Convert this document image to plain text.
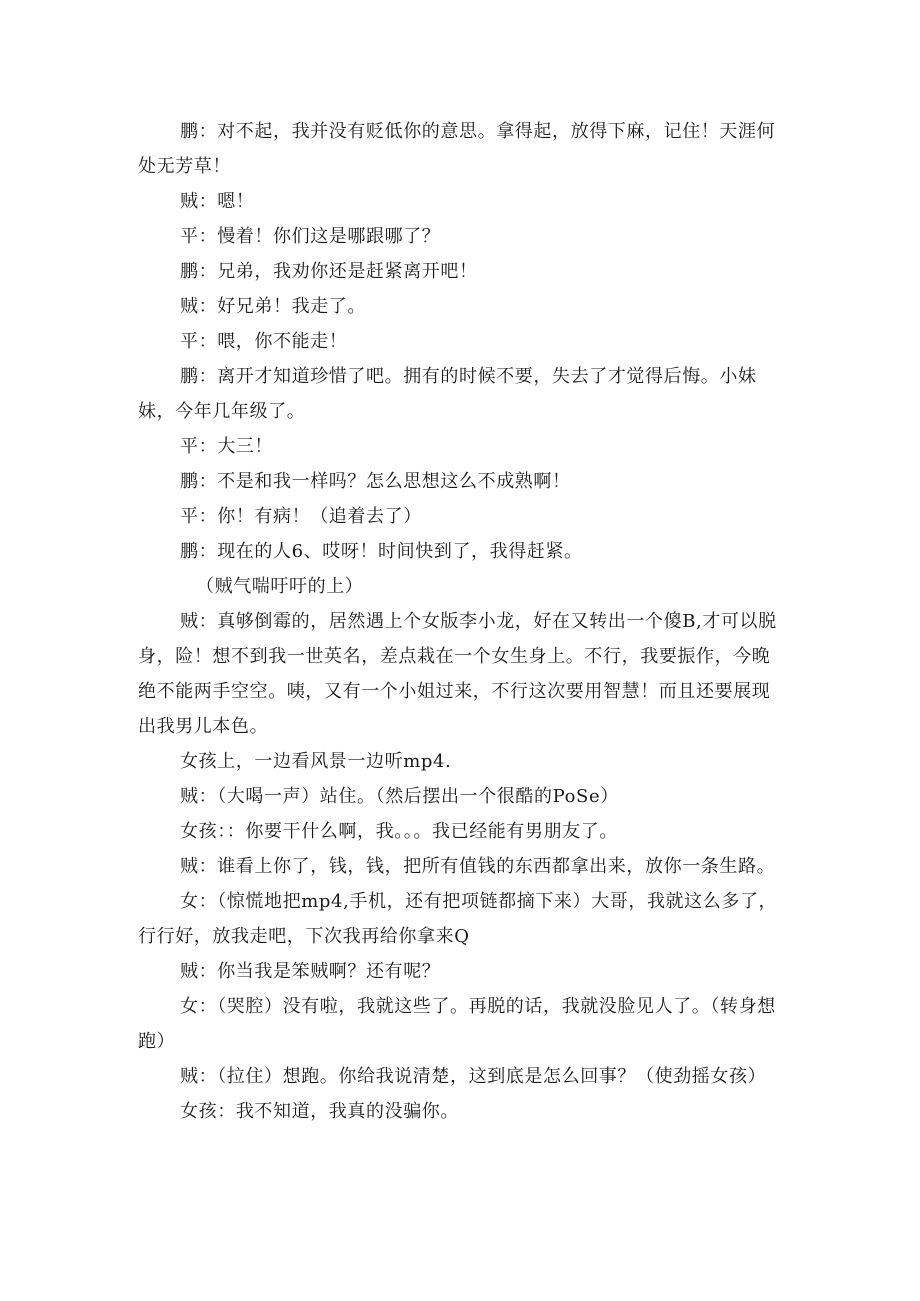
鹏：对不起，我并没有贬低你的意思。拿得起，放得下麻，记住！天涯何处无芳草！

贼：嗯！

平：慢着！你们这是哪跟哪了？

鹏：兄弟，我劝你还是赶紧离开吧！

贼：好兄弟！我走了。

平：喂，你不能走！

鹏：离开才知道珍惜了吧。拥有的时候不要，失去了才觉得后悔。小妹妹，今年几年级了。

平：大三！

鹏：不是和我一样吗？怎么思想这么不成熟啊！

平：你！有病！（追着去了）

鹏：现在的人6、哎呀！时间快到了，我得赶紧。

（贼气喘吁吁的上）

贼：真够倒霉的，居然遇上个女版李小龙，好在又转出一个傻B,才可以脱身，险！想不到我一世英名，差点栽在一个女生身上。不行，我要振作，今晚绝不能两手空空。咦，又有一个小姐过来，不行这次要用智慧！而且还要展现出我男儿本色。

女孩上，一边看风景一边听mp4.

贼：（大喝一声）站住。（然后摆出一个很酷的PoSe）

女孩：：你要干什么啊，我。。。我已经能有男朋友了。

贼：谁看上你了，钱，钱，把所有值钱的东西都拿出来，放你一条生路。

女：（惊慌地把mp4,手机，还有把项链都摘下来）大哥，我就这么多了，行行好，放我走吧，下次我再给你拿来Q

贼：你当我是笨贼啊？还有呢？

女：（哭腔）没有啦，我就这些了。再脱的话，我就没脸见人了。（转身想跑）

贼：（拉住）想跑。你给我说清楚，这到底是怎么回事？（使劲摇女孩）

女孩：我不知道，我真的没骗你。
